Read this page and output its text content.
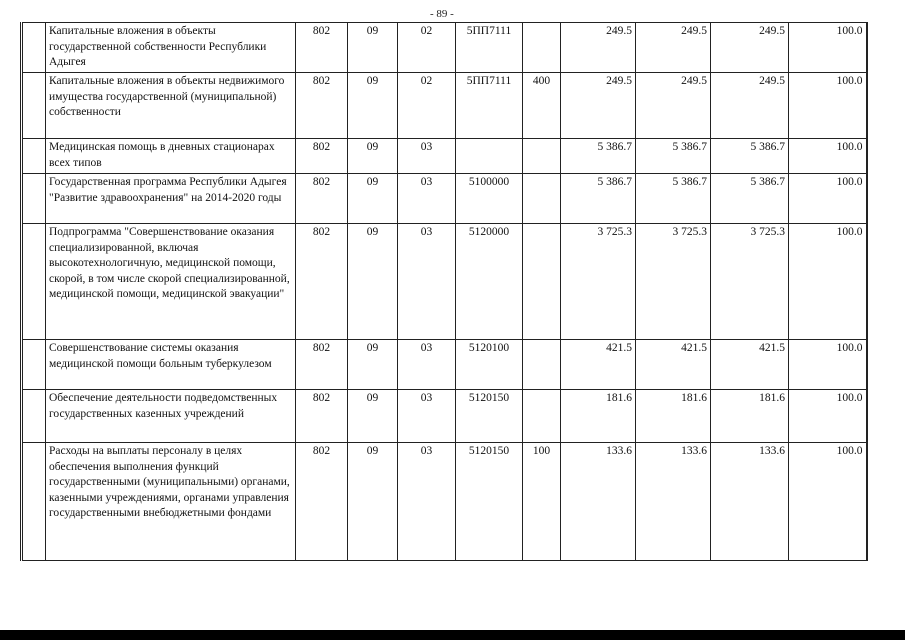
- 89 -
	Капитальные вложения в объекты государственной собственности Республики Адыгея	802	09	02	5ПП7111		249.5	249.5	249.5	100.0
	Капитальные вложения в объекты недвижимого имущества государственной (муниципальной) собственности	802	09	02	5ПП7111	400	249.5	249.5	249.5	100.0
	Медицинская помощь в дневных стационарах всех типов	802	09	03			5 386.7	5 386.7	5 386.7	100.0
	Государственная программа Республики Адыгея "Развитие здравоохранения" на 2014-2020 годы	802	09	03	5100000		5 386.7	5 386.7	5 386.7	100.0
	Подпрограмма "Совершенствование оказания специализированной, включая высокотехнологичную, медицинской помощи, скорой, в том числе скорой специализированной, медицинской помощи, медицинской эвакуации"	802	09	03	5120000		3 725.3	3 725.3	3 725.3	100.0
	Совершенствование системы оказания медицинской помощи больным туберкулезом	802	09	03	5120100		421.5	421.5	421.5	100.0
	Обеспечение деятельности подведомственных государственных казенных учреждений	802	09	03	5120150		181.6	181.6	181.6	100.0
	Расходы на выплаты персоналу в целях обеспечения выполнения функций государственными (муниципальными) органами, казенными учреждениями, органами управления государственными внебюджетными фондами	802	09	03	5120150	100	133.6	133.6	133.6	100.0
